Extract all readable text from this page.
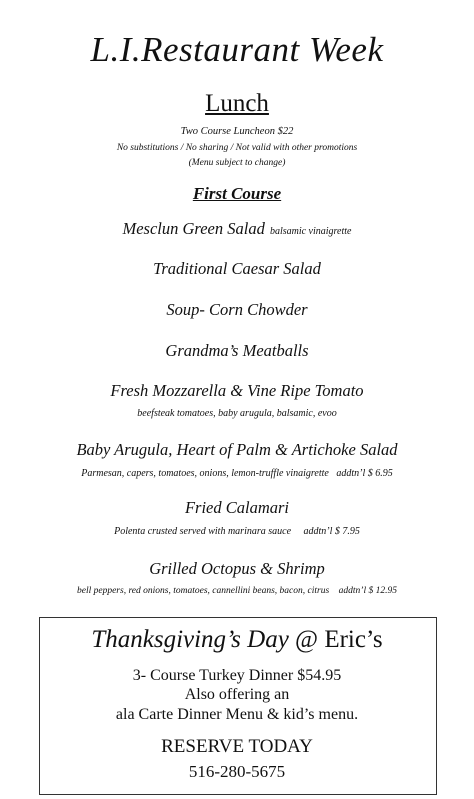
L.I.Restaurant Week
Lunch
Two Course Luncheon $22
No substitutions / No sharing / Not valid with other promotions
(Menu subject to change)
First Course
Mesclun Green Salad balsamic vinaigrette
Traditional Caesar Salad
Soup- Corn Chowder
Grandma’s Meatballs
Fresh Mozzarella & Vine Ripe Tomato
beefsteak tomatoes, baby arugula, balsamic, evoo
Baby Arugula, Heart of Palm & Artichoke Salad
Parmesan, capers, tomatoes, onions, lemon-truffle vinaigrette   addtn’l $ 6.95
Fried Calamari
Polenta crusted served with marinara sauce     addtn’l $ 7.95
Grilled Octopus & Shrimp
bell peppers, red onions, tomatoes, cannellini beans, bacon, citrus    addtn’l $ 12.95
Thanksgiving’s Day @ Eric’s
3- Course Turkey Dinner $54.95
Also offering an
ala Carte Dinner Menu & kid’s menu.
RESERVE TODAY
516-280-5675
